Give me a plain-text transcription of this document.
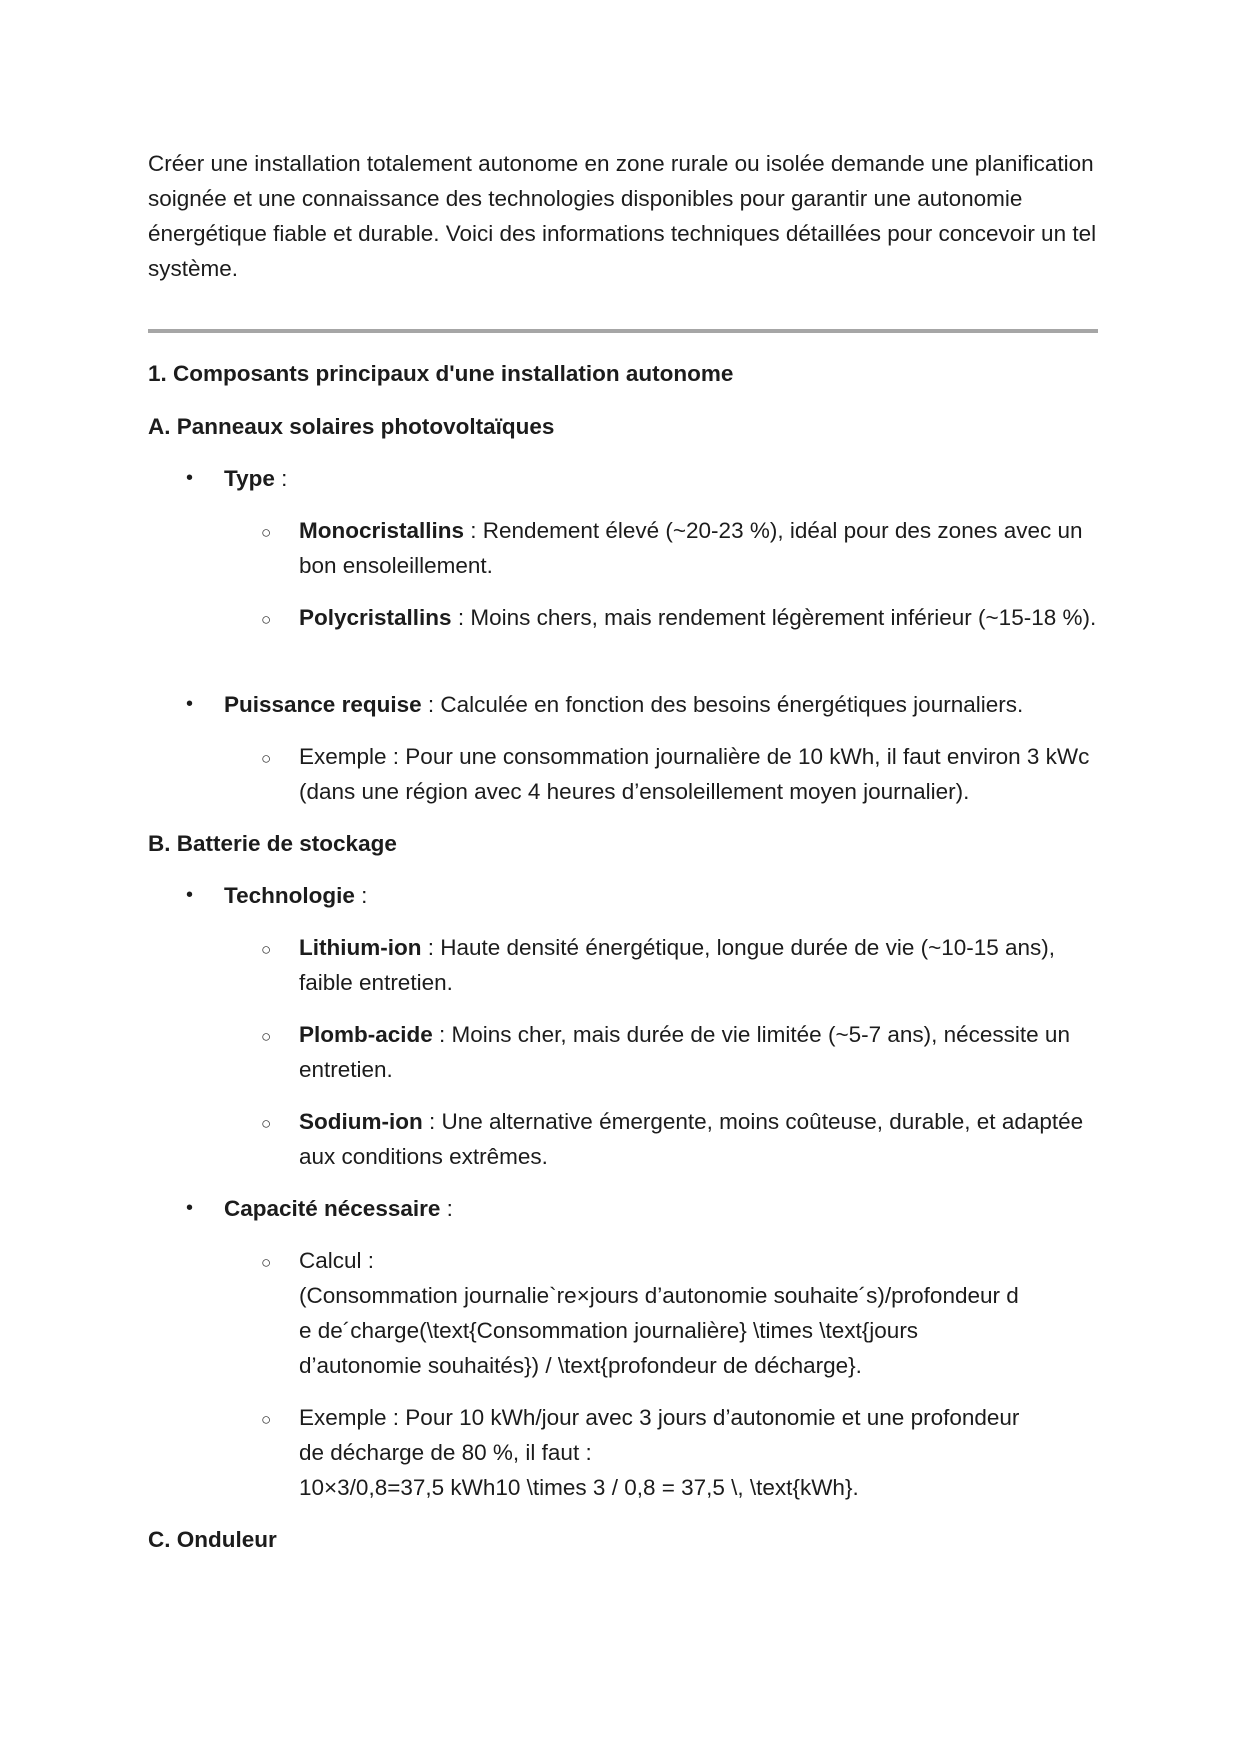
Créer une installation totalement autonome en zone rurale ou isolée demande une planification soignée et une connaissance des technologies disponibles pour garantir une autonomie énergétique fiable et durable. Voici des informations techniques détaillées pour concevoir un tel système.
1. Composants principaux d'une installation autonome
A. Panneaux solaires photovoltaïques
• Type :
○ Monocristallins : Rendement élevé (~20-23 %), idéal pour des zones avec un bon ensoleillement.
○ Polycristallins : Moins chers, mais rendement légèrement inférieur (~15-18 %).
• Puissance requise : Calculée en fonction des besoins énergétiques journaliers.
○ Exemple : Pour une consommation journalière de 10 kWh, il faut environ 3 kWc (dans une région avec 4 heures d’ensoleillement moyen journalier).
B. Batterie de stockage
• Technologie :
○ Lithium-ion : Haute densité énergétique, longue durée de vie (~10-15 ans), faible entretien.
○ Plomb-acide : Moins cher, mais durée de vie limitée (~5-7 ans), nécessite un entretien.
○ Sodium-ion : Une alternative émergente, moins coûteuse, durable, et adaptée aux conditions extrêmes.
• Capacité nécessaire :
○ Calcul :
(Consommation journalie`re×jours d’autonomie souhaite´s)/profondeur d
e de´charge(\text{Consommation journalière} \times \text{jours
d’autonomie souhaités}) / \text{profondeur de décharge}.
○ Exemple : Pour 10 kWh/jour avec 3 jours d’autonomie et une profondeur
de décharge de 80 %, il faut :
10×3/0,8=37,5 kWh10 \times 3 / 0,8 = 37,5 \, \text{kWh}.
C. Onduleur
